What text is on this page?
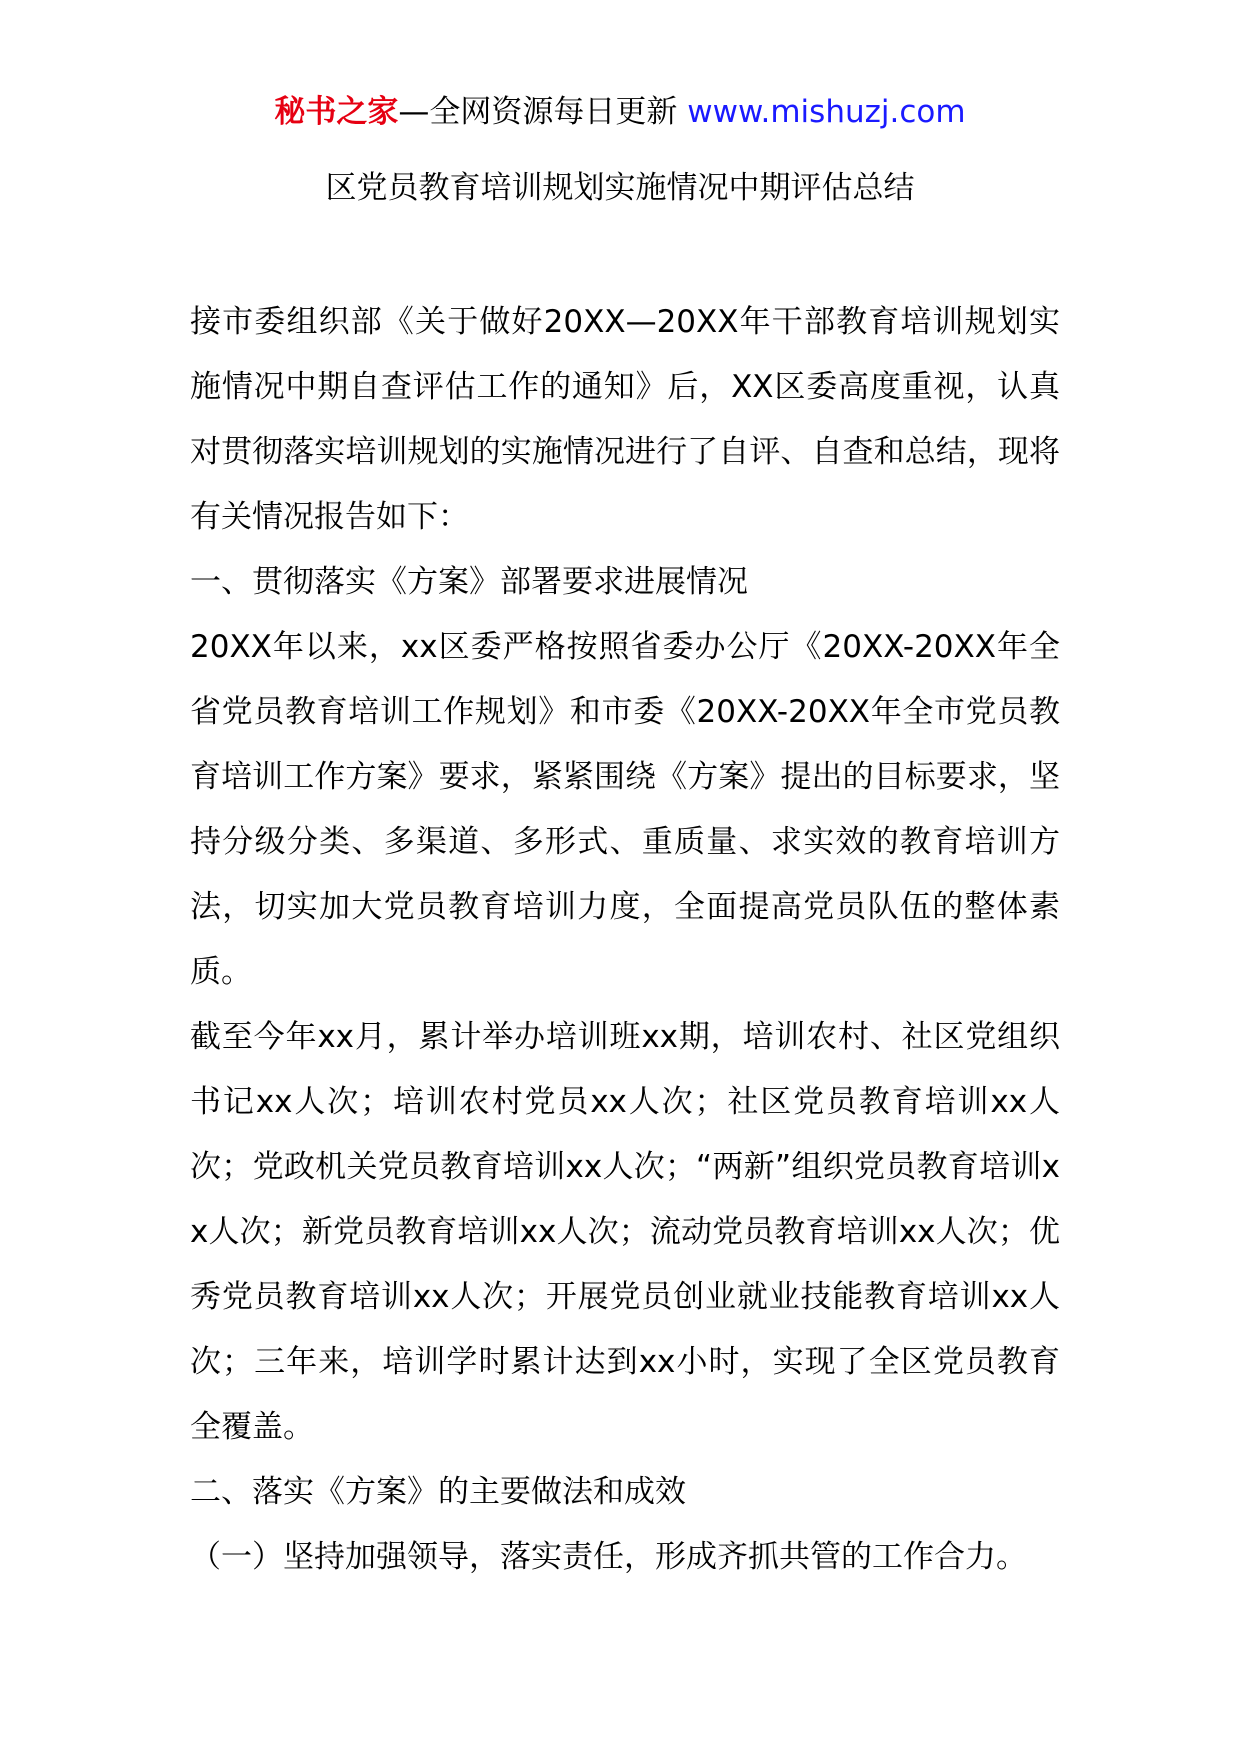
秘书之家—全网资源每日更新 www.mishuzj.com
区党员教育培训规划实施情况中期评估总结

接市委组织部《关于做好20XX—20XX年干部教育培训规划实施情况中期自查评估工作的通知》后，XX区委高度重视，认真对贯彻落实培训规划的实施情况进行了自评、自查和总结，现将有关情况报告如下：

一、贯彻落实《方案》部署要求进展情况

20XX年以来，xx区委严格按照省委办公厅《20XX-20XX年全省党员教育培训工作规划》和市委《20XX-20XX年全市党员教育培训工作方案》要求，紧紧围绕《方案》提出的目标要求，坚持分级分类、多渠道、多形式、重质量、求实效的教育培训方法，切实加大党员教育培训力度，全面提高党员队伍的整体素质。

截至今年xx月，累计举办培训班xx期，培训农村、社区党组织书记xx人次；培训农村党员xx人次；社区党员教育培训xx人次；党政机关党员教育培训xx人次；“两新”组织党员教育培训xx人次；新党员教育培训xx人次；流动党员教育培训xx人次；优秀党员教育培训xx人次；开展党员创业就业技能教育培训xx人次；三年来，培训学时累计达到xx小时，实现了全区党员教育全覆盖。

二、落实《方案》的主要做法和成效

（一）坚持加强领导，落实责任，形成齐抓共管的工作合力。
